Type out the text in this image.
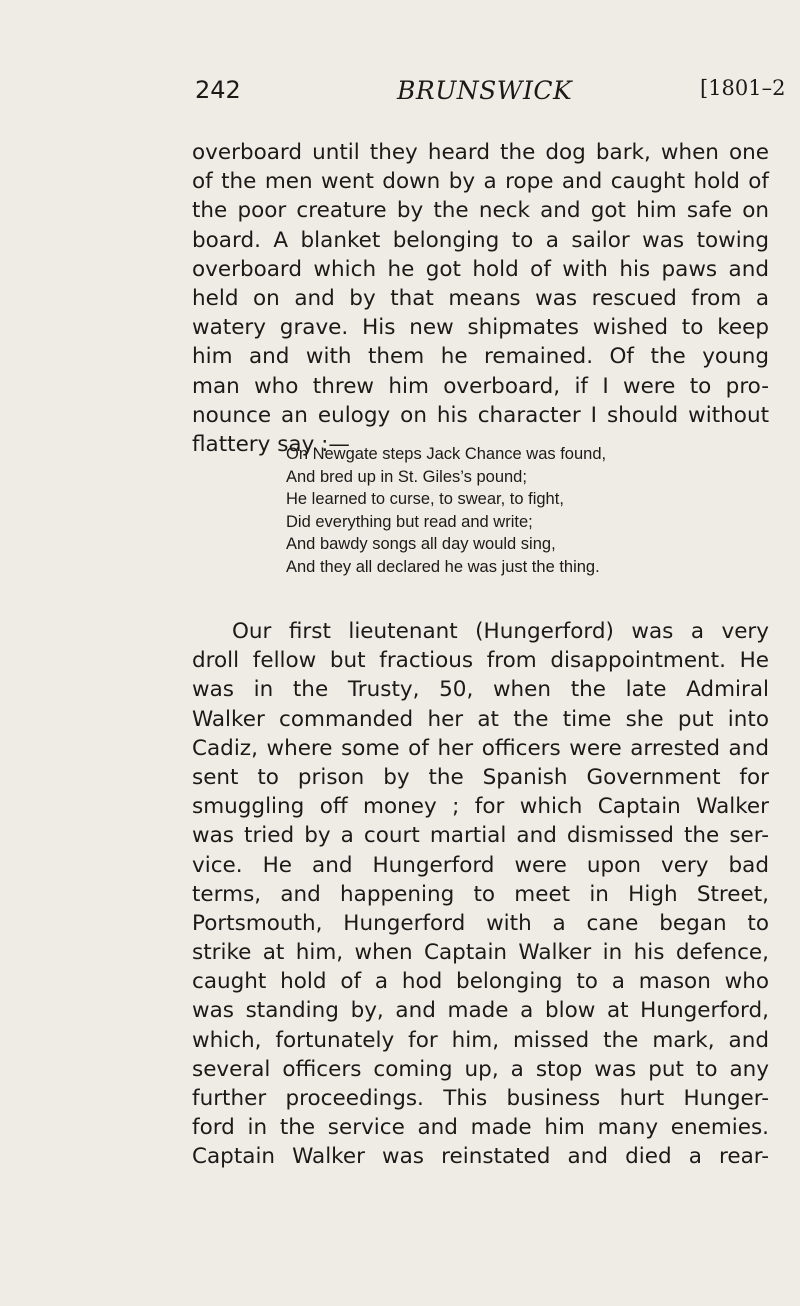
242	BRUNSWICK	[1801–2
overboard until they heard the dog bark, when one
of the men went down by a rope and caught hold of
the poor creature by the neck and got him safe on
board. A blanket belonging to a sailor was towing
overboard which he got hold of with his paws and
held on and by that means was rescued from a
watery grave. His new shipmates wished to keep
him and with them he remained. Of the young
man who threw him overboard, if I were to pro-
nounce an eulogy on his character I should without
flattery say :—
On Newgate steps Jack Chance was found,
And bred up in St. Giles’s pound;
He learned to curse, to swear, to fight,
Did everything but read and write;
And bawdy songs all day would sing,
And they all declared he was just the thing.
Our first lieutenant (Hungerford) was a very
droll fellow but fractious from disappointment. He
was in the Trusty, 50, when the late Admiral
Walker commanded her at the time she put into
Cadiz, where some of her officers were arrested and
sent to prison by the Spanish Government for
smuggling off money ; for which Captain Walker
was tried by a court martial and dismissed the ser-
vice. He and Hungerford were upon very bad
terms, and happening to meet in High Street,
Portsmouth, Hungerford with a cane began to
strike at him, when Captain Walker in his defence,
caught hold of a hod belonging to a mason who
was standing by, and made a blow at Hungerford,
which, fortunately for him, missed the mark, and
several officers coming up, a stop was put to any
further proceedings. This business hurt Hunger-
ford in the service and made him many enemies.
Captain Walker was reinstated and died a rear-
